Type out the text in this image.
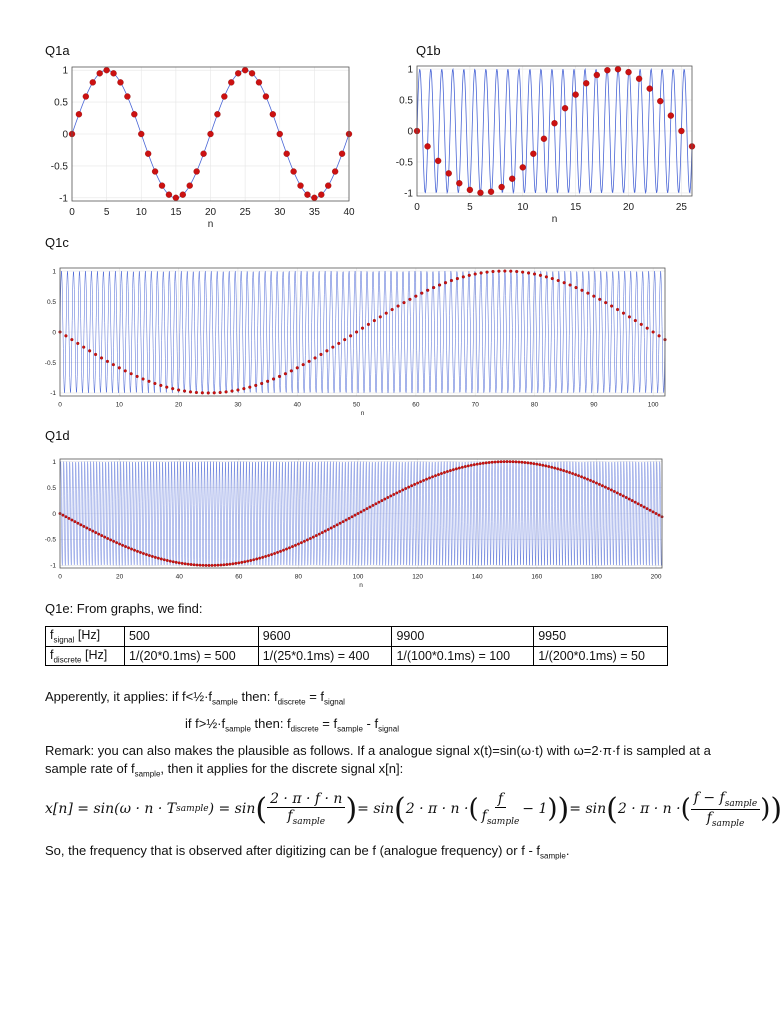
Q1a	Q1b
Q1c
Q1d
0	5	10 15 20 25 30 35 40
-1
-0.5
0
0.5
1
n
0	5	10	15	20	25
-1
-0.5
0
0.5
1
n
0	10	20	30	40	50	60	70	80	90	100
-1
-0.5
0
0.5
1
n
0	20	40	60	80	100	120	140	160	180	200
-1
-0.5
0
0.5
1
n
Q1e: From graphs, we find:
$f_{signal}$ [Hz]	500	9600	9900	9950
$f_{discrete}$ [Hz]	1/(20*0.1ms) = 500	1/(25*0.1ms) = 400	1/(100*0.1ms) = 100	1/(200*0.1ms) = 50
Apperently, it applies: if $f<\frac{1}{2}\cdot f_{sample}$ then: $f_{discrete} = f_{signal}$
if $f>\frac{1}{2}\cdot f_{sample}$ then: $f_{discrete} = f_{sample} - f_{signal}$
Remark: you can also makes the plausible as follows. If a analogue signal x(t)=sin(ω·t) with ω=2·π·f is sampled at a sample rate of $f_{sample}$, then it applies for the discrete signal x[n]:
x[n] = sin(ω · n · T sample ) = sin ( $\frac{2 \cdot \pi \cdot f \cdot n}{f_{sample}}$ ) = sin ( 2 · π · n · ( $\frac{f}{f_{sample}} - 1$ ) ) = sin ( 2 · π · n · ( $\frac{f - f_{sample}}{f_{sample}}$ ) )
So, the frequency that is observed after digitizing can be f (analogue frequency) or f - $f_{sample}$.
